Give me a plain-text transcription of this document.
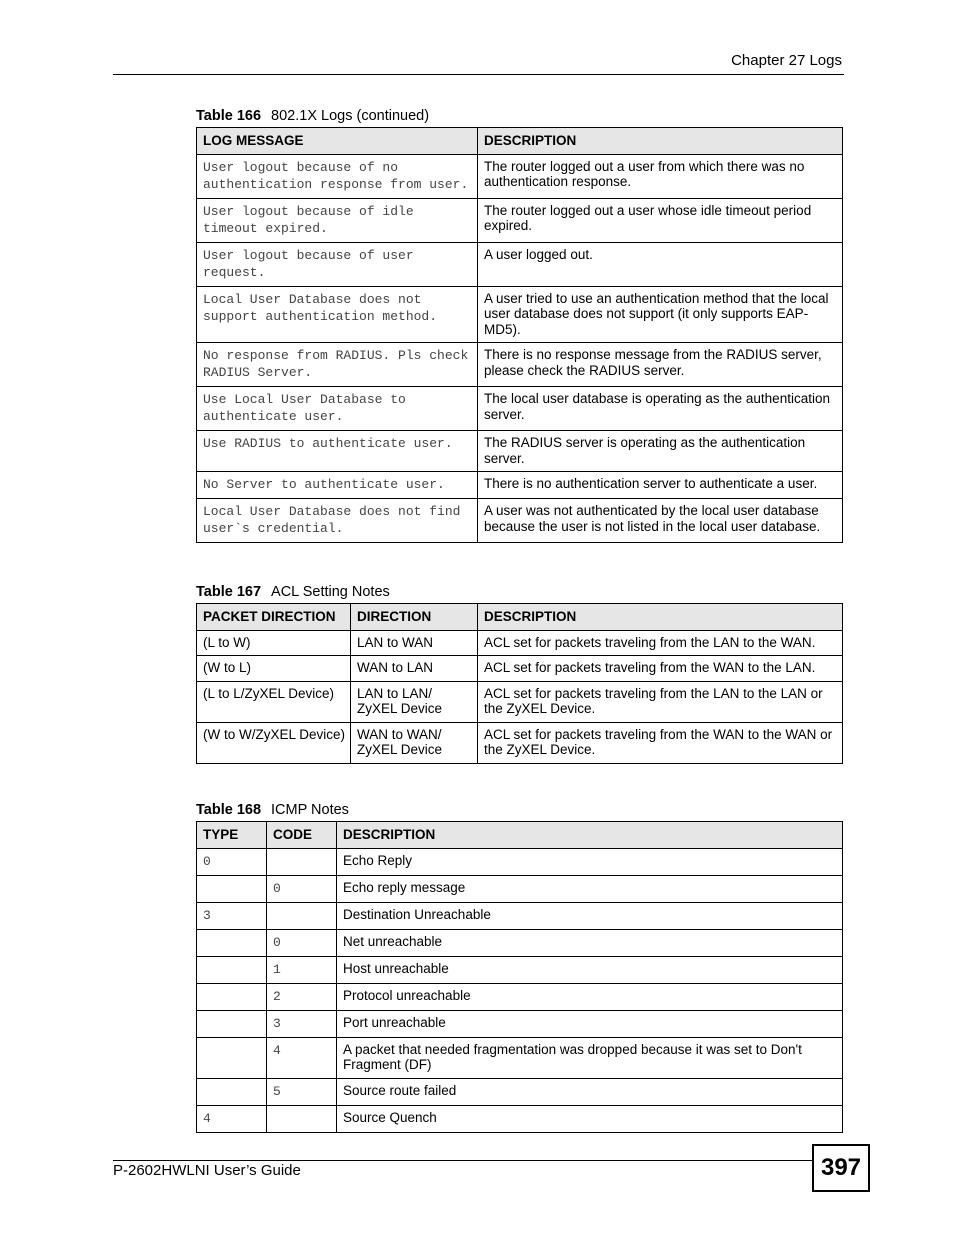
Chapter 27 Logs
Table 166 802.1X Logs (continued)
LOG MESSAGE	DESCRIPTION
User logout because of no authentication response from user.	The router logged out a user from which there was no authentication response.
User logout because of idle timeout expired.	The router logged out a user whose idle timeout period expired.
User logout because of user request.	A user logged out.
Local User Database does not support authentication method.	A user tried to use an authentication method that the local user database does not support (it only supports EAP-MD5).
No response from RADIUS. Pls check RADIUS Server.	There is no response message from the RADIUS server, please check the RADIUS server.
Use Local User Database to authenticate user.	The local user database is operating as the authentication server.
Use RADIUS to authenticate user.	The RADIUS server is operating as the authentication server.
No Server to authenticate user.	There is no authentication server to authenticate a user.
Local User Database does not find user`s credential.	A user was not authenticated by the local user database because the user is not listed in the local user database.
Table 167 ACL Setting Notes
PACKET DIRECTION	DIRECTION	DESCRIPTION
(L to W)	LAN to WAN	ACL set for packets traveling from the LAN to the WAN.
(W to L)	WAN to LAN	ACL set for packets traveling from the WAN to the LAN.
(L to L/ZyXEL Device)	LAN to LAN/ ZyXEL Device	ACL set for packets traveling from the LAN to the LAN or the ZyXEL Device.
(W to W/ZyXEL Device)	WAN to WAN/ ZyXEL Device	ACL set for packets traveling from the WAN to the WAN or the ZyXEL Device.
Table 168 ICMP Notes
TYPE	CODE	DESCRIPTION
0		Echo Reply
	0	Echo reply message
3		Destination Unreachable
	0	Net unreachable
	1	Host unreachable
	2	Protocol unreachable
	3	Port unreachable
	4	A packet that needed fragmentation was dropped because it was set to Don't Fragment (DF)
	5	Source route failed
4		Source Quench
P-2602HWLNI User’s Guide	397
